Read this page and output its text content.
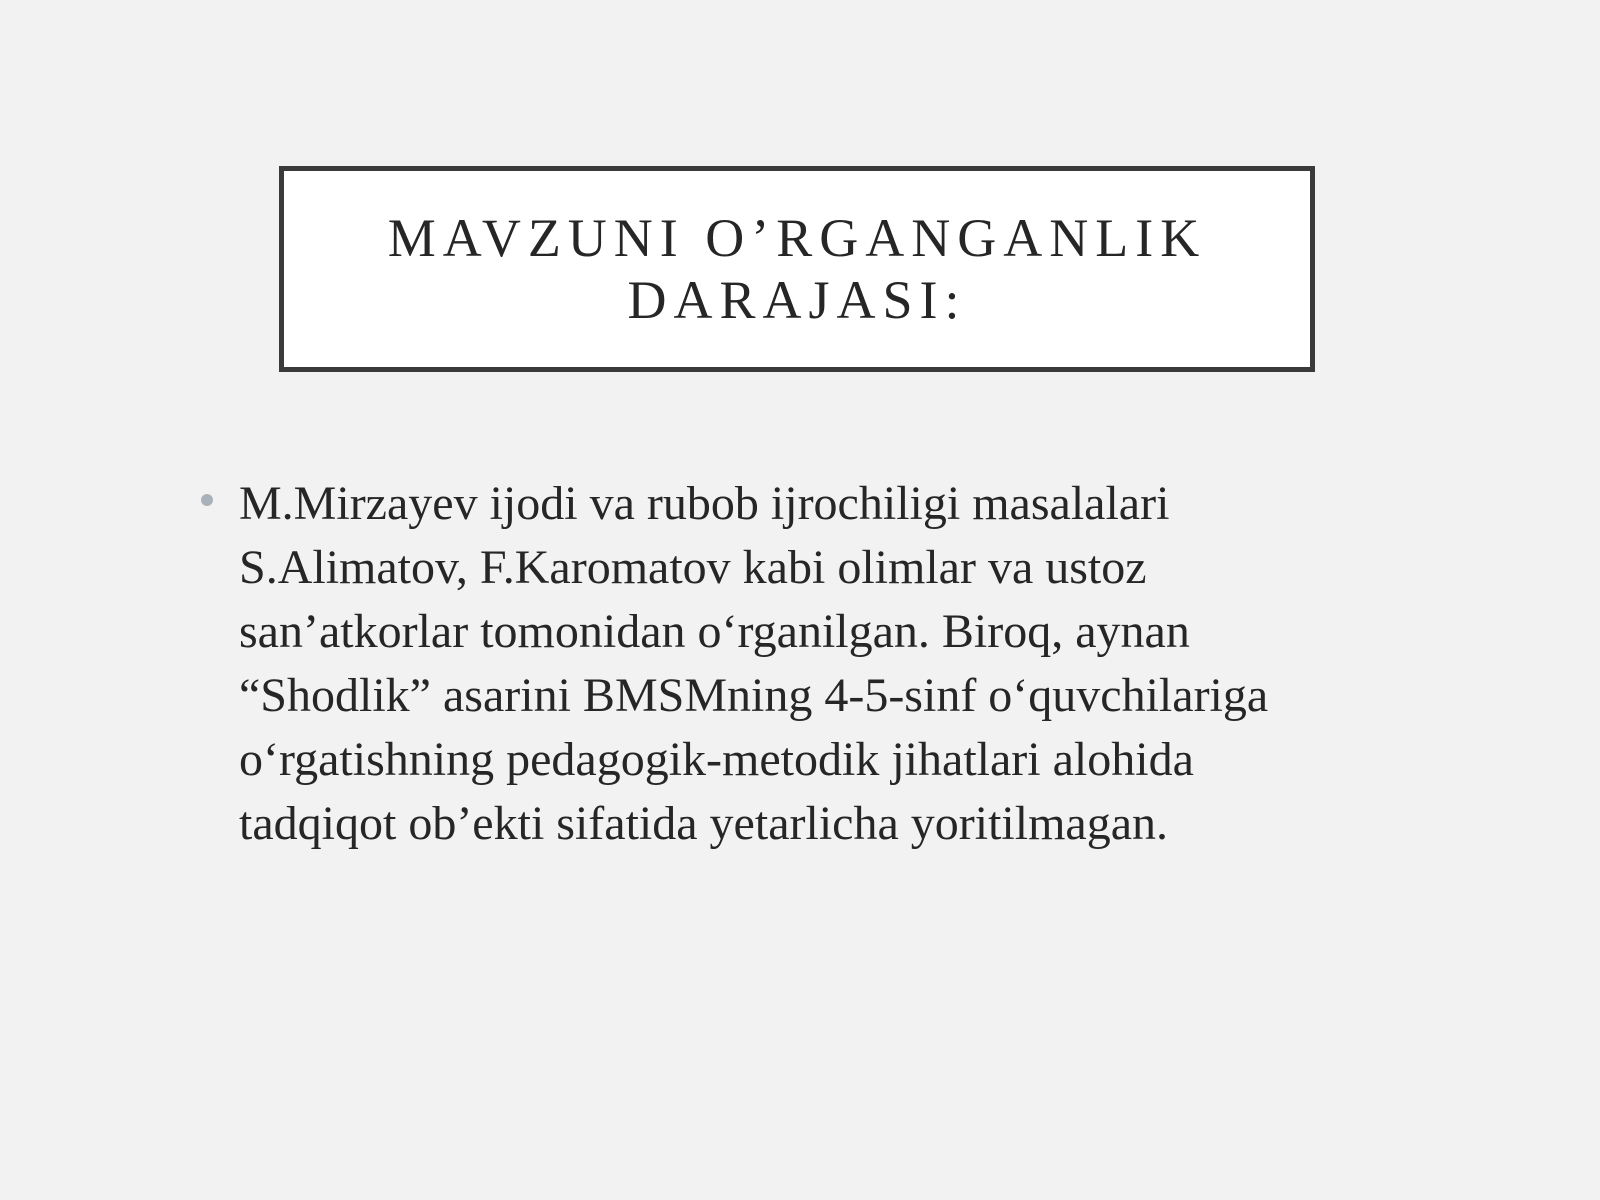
MAVZUNI O’RGANGANLIK
DARAJASI:
M.Mirzayev ijodi va rubob ijrochiligi masalalari
S.Alimatov, F.Karomatov kabi olimlar va ustoz
san’atkorlar tomonidan o‘rganilgan. Biroq, aynan
“Shodlik” asarini BMSMning 4-5-sinf o‘quvchilariga
o‘rgatishning pedagogik-metodik jihatlari alohida
tadqiqot ob’ekti sifatida yetarlicha yoritilmagan.
